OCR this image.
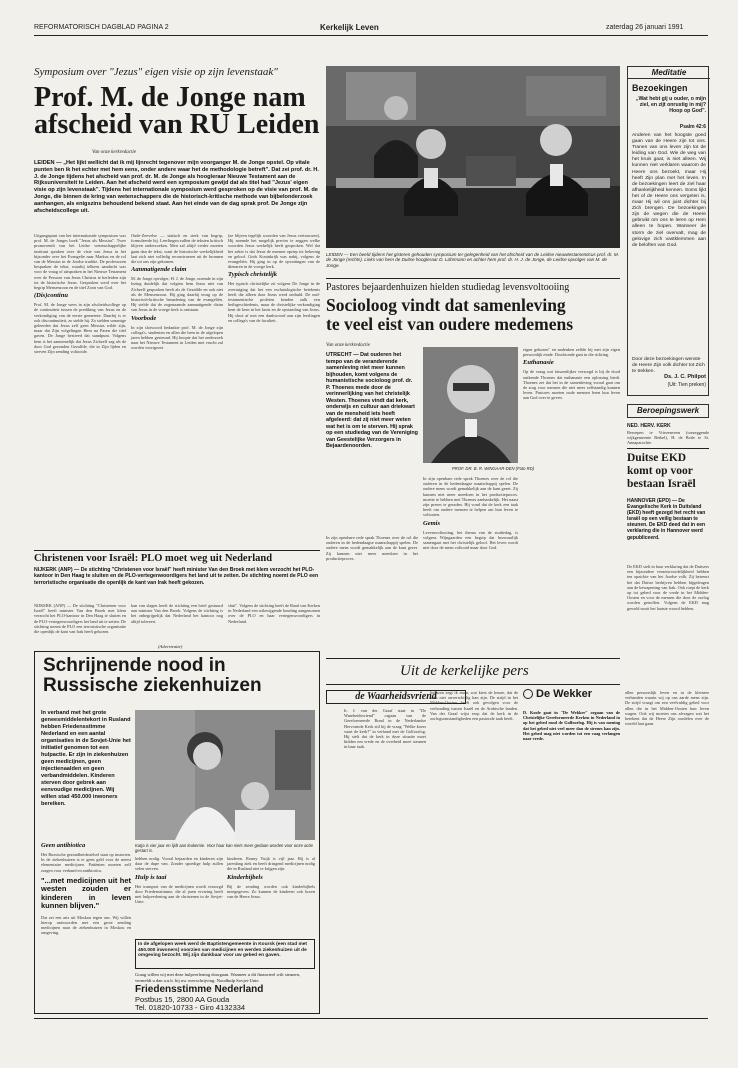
REFORMATORISCH DAGBLAD PAGINA 2	Kerkelijk Leven	zaterdag 26 januari 1991
Symposium over "Jezus" eigen visie op zijn levenstaak"
Prof. M. de Jonge nam
afscheid van RU Leiden
Van onze kerkredactie
LEIDEN — „Het lijkt wellicht dat ik mij lijnrecht tegenover mijn voorganger M. de Jonge opstel. Op vitale punten ben ik het echter met hem eens, onder andere waar het de methodologie betreft". Dat zei prof. dr. H. J. de Jonge tijdens het afscheid van prof. dr. M. de Jonge als hoogleraar Nieuwe Testament aan de Rijksuniversiteit te Leiden. Aan het afscheid werd een symposium gewijd dat als titel had "Jezus' eigen visie op zijn levenstaak". Tijdens het internationale symposium werd gesproken op de visie van prof. M. de Jonge, die binnen de kring van wetenschappers die de historisch-kritische methode van bijbelonderzoek aanhangen, als enigszins behoudend bekend staat. Aan het einde van de dag sprak prof. De Jonge zijn afscheidscollege uit.
Uitgangspunt van het internationale symposium was prof. M. de Jonges boek "Jezus als Messias". Twee promovendi van het Leidse wetenschappelijke instituut spraken over de visie van Jezus in het bijzonder over het Evangelie naar Markus en de rol van de Messias in de Joodse traditie. De professoren bespraken de tekst, waarbij telkens aandacht was voor de vraag of uitspraken in het Nieuwe Testament over de Persoon van Jezus Christus te herleiden zijn tot de historische Jezus. Gesproken werd over het begrip Mensenzoon en de titel Zoon van God.
(Dis)continu
Prof. M. de Jonge wees in zijn afscheidscollege op de continuïteit tussen de prediking van Jezus en de verkondiging van de eerste gemeente. Daarbij is er ook discontinuïteit, zo stelde hij. Zo stelden sommige geleerden dat Jezus zelf geen Messias wilde zijn, maar dat Zijn volgelingen Hem na Pasen die titel gaven. De Jonge bestreed dat standpunt. Volgens hem is het aannemelijk dat Jezus Zichzelf zag als de door God gezonden Gezalfde, die in Zijn lijden en sterven Zijn zending voltooide.
Oude-Zeevelse — statisch en sterk van begrip, formuleerde hij. Leerlingen zullen de teksten kritisch blijven onderzoeken. Men zal altijd verder moeten gaan dan de tekst, want de historische werkelijkheid laat zich niet volledig reconstrueren uit de bronnen die tot ons zijn gekomen.
Aanmatigende claim
M. de Jonge opvolger, H. J. de Jonge, noemde in zijn lezing duidelijk dat volgens hem Jezus niet van Zichzelf gesproken heeft als de Gezalfde en ook niet als de Mensenzoon. Hij ging daarbij terug op de historisch-kritische benadering van de evangeliën. Hij stelde dat de zogenaamde aanmatigende claim van Jezus in de vroege kerk is ontstaan.
Voorbode
In zijn slotwoord bedankte prof. M. de Jonge zijn collega's, studenten en allen die hem in de afgelopen jaren hebben gesteund. Hij hoopte dat het onderzoek naar het Nieuwe Testament in Leiden met vrucht zal worden voortgezet.
(ze blijven tegelijk woorden van Jezus vertrouwen). Hij noemde het mogelijk precies te zeggen welke woorden Jezus werkelijk heeft gesproken. Wel dat het zeker is dat Jezus de mensen opriep tot bekering en geloof. Gods Koninkrijk was nabij, volgens de evangeliën. Hij ging in op de opvattingen van de dienaren in de vroege kerk.
Typisch christelijk
Het typisch christelijke zit volgens De Jonge in de overtuiging dat het een eschatologische betekenis heeft die alleen door Jezus werd onthuld. De oud-testamentische profeten kenden zulk een heilsgeschiedenis, maar de christelijke verkondiging kent de kern in het kruis en de opstanding van Jezus. Hij sloot af met een dankwoord aan zijn leerlingen en collega's van de faculteit.
LEIDEN — Een beeld tijdens het gisteren gehouden symposium ter gelegenheid van het afscheid van de Leidse nieuwtestamenticus prof. dr. M. de Jonge (rechts). Links van hem de Duitse hoogleraar D. Lührmann en achter hem prof. dr. H. J. de Jonge, de Leidse opvolger van M. de Jonge.
Pastores bejaardenhuizen hielden studiedag levensvoltooiing
Socioloog vindt dat samenleving
te veel eist van oudere medemens
Van onze kerkredactie
UTRECHT — Dat ouderen het tempo van de veranderende samenleving niet meer kunnen bijhouden, komt volgens de humanistische socioloog prof. dr. P. Thoenes mede door de verinnerlijking van het christelijk Westen. Thoenes vindt dat kerk, onderwijs en cultuur aan driekwart van de mensheid iets heeft afgeleerd: dat zij niet meer weten wat het is om te sterven. Hij sprak op een studiedag van de Vereniging van Geestelijke Verzorgers in Bejaardenoorden.
PROF. DR. B. R. WINGAAR-DEN (Foto RD)
In zijn openbare rede sprak Thoenes over de rol die ouderen in de hedendaagse maatschappij spelen. De oudere mens wordt gemakkelijk aan de kant gezet. Zij kunnen niet meer meedoen in het productieproces. moeite te hebben met Thoenes aanhankelijk. Het naast zijn preses te geraden. Hij vond dat de kerk een taak heeft om oudere mensen te helpen om hun leven te voltooien.
Gemis
Levensvoltooiing, het thema van de studiedag, is volgens Wijngaarden een begrip dat bezwaarlijk samengaat met het christelijk geloof. Het leven wordt niet door de mens voltooid maar door God.
In zijn openbare rede sprak Thoenes over de rol die ouderen in de hedendaagse maatschappij spelen. De oudere mens wordt gemakkelijk aan de kant gezet. Zij kunnen niet meer meedoen in het productieproces.
eigen gekozen" en nadenken zelfde hij met zijn eigen persoonlijk einde. Doodzonde gaat in die richting.
Euthanasie
Op de vraag wat fatsoenlijker verzorgd is bij de dood ontkende Thoenes dat euthanasie een oplossing biedt. Thoenes zei dat het in de samenleving vooral gaat om de zorg voor mensen die niet meer zelfstandig kunnen leven. Pastores moeten oude mensen leren hun leven aan God over te geven.
Christenen voor Israël: PLO moet weg uit Nederland
NIJKERK (ANP) — De stichting "Christenen voor Israël" heeft minister Van den Broek met klem verzocht het PLO-kantoor in Den Haag te sluiten en de PLO-vertegenwoordigers het land uit te zetten. De stichting noemt de PLO een terroristische organisatie die openlijk de kant van Irak heeft gekozen.
NIJKERK (ANP) — De stichting "Christenen voor Israël" heeft minister Van den Broek met klem verzocht het PLO-kantoor in Den Haag te sluiten en de PLO-vertegenwoordigers het land uit te zetten. De stichting noemt de PLO een terroristische organisatie die openlijk de kant van Irak heeft gekozen.
kan van slagen heeft de stichting een brief gestuurd aan minister Van den Broek. Volgens de stichting is het onbegrijpelijk dat Nederland het kantoor nog altijd tolereert.
sluit". Volgens de stichting heeft de Raad van Kerken in Nederland een stilzwijgende houding aangenomen over de PLO en haar vertegenwoordigers in Nederland.
(Advertentie)
Schrijnende nood in
Russische ziekenhuizen
In verband met het grote geneesmiddelentekort in Rusland hebben Friedensstimme Nederland en een aantal organisaties in de Sovjet-Unie het initiatief genomen tot een hulpactie. Er zijn in ziekenhuizen geen medicijnen, geen injectienaalden en geen verbandmiddelen. Kinderen sterven door gebrek aan eenvoudige medicijnen. Wij willen stad 450.000 inwoners bereiken.
Katja is vier jaar en lijdt aan leukemie. Voor haar kan niets meer gedaan worden voor onze actie gestart is.
Geen antibiotica
Het Russische gezondheidsstelsel staat op instorten. In de ziekenhuizen is er geen geld voor de meest elementaire medicijnen. Patiënten moeten zelf zorgen voor verband en antibiotica.
"...met medicijnen uit het westen zouden er kinderen in leven kunnen blijven."
Dat zei een arts uit Moskou tegen ons. Wij willen hierop antwoorden met een grote zending medicijnen naar de ziekenhuizen in Moskou en omgeving.
hebben nodig. Vooral bejaarden en kinderen zijn daar de dupe van. Zonder spoedige hulp zullen velen sterven.
Hulp is taai
Het transport van de medicijnen wordt verzorgd door Friedensstimme, die al jaren ervaring heeft met hulpverlening aan de christenen in de Sovjet-Unie.
kinderen. Ronny Vuijk is vijf jaar. Hij is al jarenlang ziek en heeft dringend medicijnen nodig die in Rusland niet te krijgen zijn.
Kinderbijbels
Bij de zending worden ook kinderbijbels meegegeven. Zo kunnen de kinderen ook horen van de Heere Jezus.
In de afgelopen week werd de Baptistengemeente in Koursk (een stad met 450.000 inwoners) voorzien van medicijnen en werden ziekenhuizen uit de omgeving bezocht. Wij zijn dankbaar voor uw gebed en gaven.
Graag willen wij met deze hulpverlening doorgaan. Wanneer u dit financieel wilt steunen, vermeldt u dan a.u.b. bij uw overschrijving: Noodhulp Sovjet-Unie.
Friedensstimme Nederland
Postbus 15, 2800 AA Gouda
Tel. 01820-10733 - Giro 4132334
Uit de kerkelijke pers
de Waarheidsvriend
Ir. J. van der Graaf staat in "De Waarheidsvriend" orgaan van de Gereformeerde Bond in de Nederlandse Hervormde Kerk stil bij de vraag "Welke koers vaart de kerk?" in verband met de Golfoorlog. Hij stelt dat de kerk in deze situatie moet bidden om vrede en de overheid moet steunen in haar taak.
linksom zegt ik maar, wat kiest de keuze, dat de kerk niet onverschillig kan zijn. De strijd in het Midden-Oosten heeft ook gevolgen voor de verhouding tussen Israël en de Arabische landen. Van der Graaf wijst erop dat de kerk in de oorlogsomstandigheden een pastorale taak heeft.
De Wekker
D. Koole gaat in "De Wekker" orgaan van de Christelijke Gereformeerde Kerken in Nederland in op het gebed rond de Golfoorlog. Hij is van mening dat het gebed niet veel meer dan de sirenes kan zijn. Het gebed mag niet worden tot een vaag verlangen naar vrede.
allen persoonlijk leven en in de kleinere verbanden waarin wij op ons aarde mens zijn. De strijd vraagt om een veelvuldig gebed voor allen die in het Midden-Oosten hun leven wagen. Ook wij moeten ons afvragen wat het betekent dat de Heere Zijn oordelen over de wereld laat gaan.
Meditatie
Bezoekingen
„Wat hebt gij u ouder, o mijn ziel, en zijt onrustig in mij? Hoop op God".
Psalm 42:6
Anderen van het hoogste goed gaan van de Heere zijn tot ons. Tranen van ons leven zijn tot de leiding van God. Wie de weg van het kruis gaat, is niet alleen. Wij kunnen niet verklaren waarom de Heere ons bezoekt, maar Hij heeft Zijn plan met het leven. In de bezoekingen leert de ziel haar afhankelijkheid kennen. Soms lijkt het of de Heere ons vergeten is, maar Hij wil ons juist dichter bij Zich brengen. De bezoekingen zijn de wegen die de Heere gebruikt om ons te leren op Hem alleen te hopen. Wanneer de storm de ziel overvalt, mag de gelovige zich vastklemmen aan de beloften van God.
Door deze bezoekingen wenste de Heere Zijn volk dichter tot Zich te trekken.
Ds. J. C. Philpot
(Uit: Tien preken)
Beroepingswerk
NED. HERV. KERK
Beroepen te Vriezenveen (toezeggende wijkgemeente Bethel), H. de Bode te St. Annaparochie.
Duitse EKD komt op voor bestaan Israël
HANNOVER (EPD) — De Evangelische Kerk in Duitsland (EKD) heeft gezegd het recht van Israël op een veilig bestaan te steunen. De EKD deed dat in een verklaring die in Hannover werd gepubliceerd.
De EKD stelt in haar verklaring dat de Duitsers een bijzondere verantwoordelijkheid hebben ten opzichte van het Joodse volk. Zij betreurt het dat Duitse bedrijven hebben bijgedragen aan de bewapening van Irak. Ook roept de kerk op tot gebed voor de vrede in het Midden-Oosten en voor de mensen die door de oorlog worden getroffen. Volgens de EKD mag geweld nooit het laatste woord hebben.
